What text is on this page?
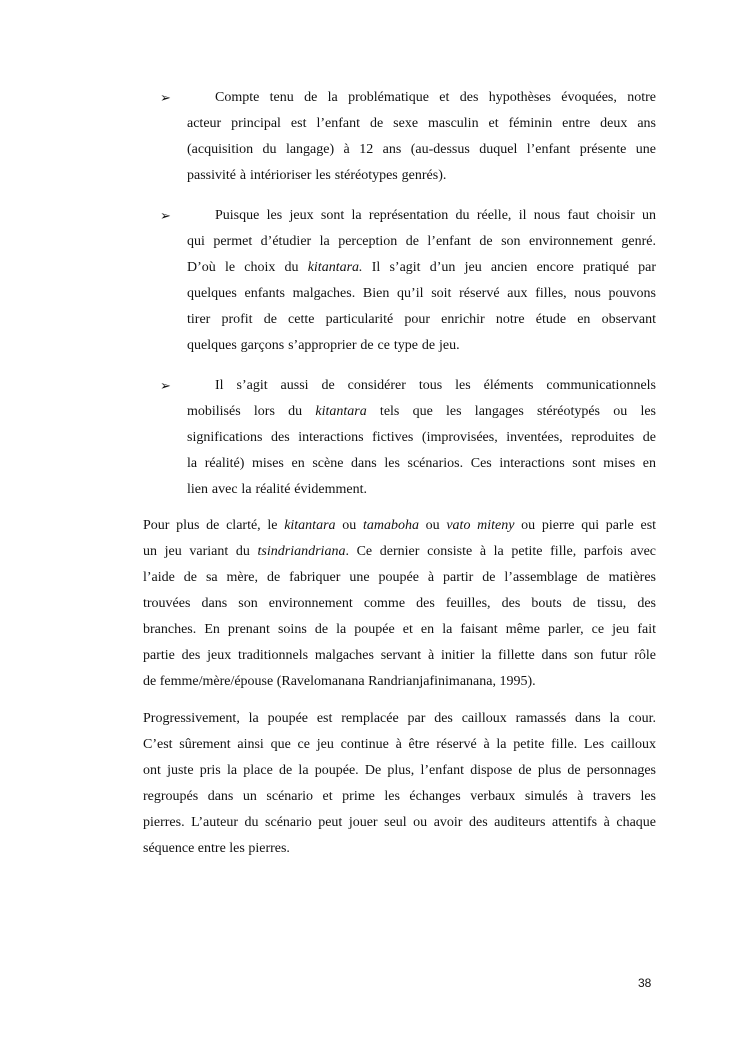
➢	Compte tenu de la problématique et des hypothèses évoquées, notre
acteur principal est l’enfant de sexe masculin et féminin entre deux ans
(acquisition du langage) à 12 ans (au-dessus duquel l’enfant présente une
passivité à intérioriser les stéréotypes genrés).
➢	Puisque les jeux sont la représentation du réelle, il nous faut choisir un
qui permet d’étudier la perception de l’enfant de son environnement genré.
D’où le choix du kitantara. Il s’agit d’un jeu ancien encore pratiqué par
quelques enfants malgaches. Bien qu’il soit réservé aux filles, nous pouvons
tirer profit de cette particularité pour enrichir notre étude en observant
quelques garçons s’approprier de ce type de jeu.
➢	Il s’agit aussi de considérer tous les éléments communicationnels
mobilisés lors du kitantara tels que les langages stéréotypés ou les
significations des interactions fictives (improvisées, inventées, reproduites de
la réalité) mises en scène dans les scénarios. Ces interactions sont mises en
lien avec la réalité évidemment.
Pour plus de clarté, le kitantara ou tamaboha ou vato miteny ou pierre qui parle est
un jeu variant du tsindriandriana. Ce dernier consiste à la petite fille, parfois avec
l’aide de sa mère, de fabriquer une poupée à partir de l’assemblage de matières
trouvées dans son environnement comme des feuilles, des bouts de tissu, des
branches. En prenant soins de la poupée et en la faisant même parler, ce jeu fait
partie des jeux traditionnels malgaches servant à initier la fillette dans son futur rôle
de femme/mère/épouse (Ravelomanana Randrianjafinimanana, 1995).
Progressivement, la poupée est remplacée par des cailloux ramassés dans la cour.
C’est sûrement ainsi que ce jeu continue à être réservé à la petite fille. Les cailloux
ont juste pris la place de la poupée. De plus, l’enfant dispose de plus de personnages
regroupés dans un scénario et prime les échanges verbaux simulés à travers les
pierres. L’auteur du scénario peut jouer seul ou avoir des auditeurs attentifs à chaque
séquence entre les pierres.
38
